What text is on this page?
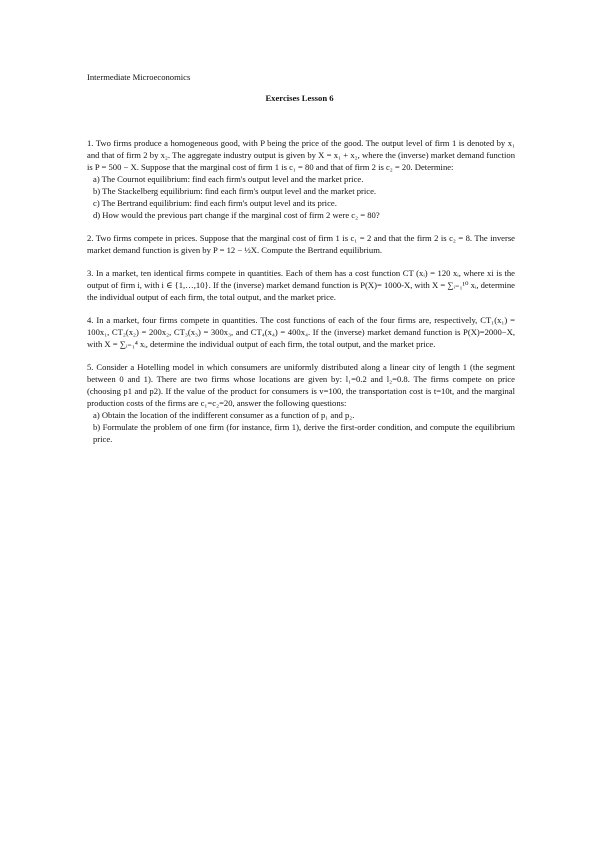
Intermediate Microeconomics
Exercises Lesson 6

1. Two firms produce a homogeneous good, with P being the price of the good. The output level of firm 1 is denoted by x₁ and that of firm 2 by x₂. The aggregate industry output is given by X = x₁ + x₂, where the (inverse) market demand function is P = 500 − X. Suppose that the marginal cost of firm 1 is c₁ = 80 and that of firm 2 is c₂ = 20. Determine:

a) The Cournot equilibrium: find each firm's output level and the market price.
b) The Stackelberg equilibrium: find each firm's output level and the market price.
c) The Bertrand equilibrium: find each firm's output level and its price.
d) How would the previous part change if the marginal cost of firm 2 were c₂ = 80?

2. Two firms compete in prices. Suppose that the marginal cost of firm 1 is c₁ = 2 and that the firm 2 is c₂ = 8. The inverse market demand function is given by P = 12 − ½X. Compute the Bertrand equilibrium.

3. In a market, ten identical firms compete in quantities. Each of them has a cost function CT (xᵢ) = 120 xᵢ, where xi is the output of firm i, with i ∈ {1,…,10}. If the (inverse) market demand function is P(X)= 1000-X, with X = ∑ᵢ₌₁¹⁰ xᵢ, determine the individual output of each firm, the total output, and the market price.

4. In a market, four firms compete in quantities. The cost functions of each of the four firms are, respectively, CT₁(x₁) = 100x₁, CT₂(x₂) = 200x₂, CT₃(x₃) = 300x₃, and CT₄(x₄) = 400x₄. If the (inverse) market demand function is P(X)=2000−X, with X = ∑ᵢ₌₁⁴ xᵢ, determine the individual output of each firm, the total output, and the market price.

5. Consider a Hotelling model in which consumers are uniformly distributed along a linear city of length 1 (the segment between 0 and 1). There are two firms whose locations are given by: l₁=0.2 and l₂=0.8. The firms compete on price (choosing p1 and p2). If the value of the product for consumers is v=100, the transportation cost is t=10t, and the marginal production costs of the firms are c₁=c₂=20, answer the following questions:

a) Obtain the location of the indifferent consumer as a function of p₁ and p₂.
b) Formulate the problem of one firm (for instance, firm 1), derive the first-order condition, and compute the equilibrium price.
